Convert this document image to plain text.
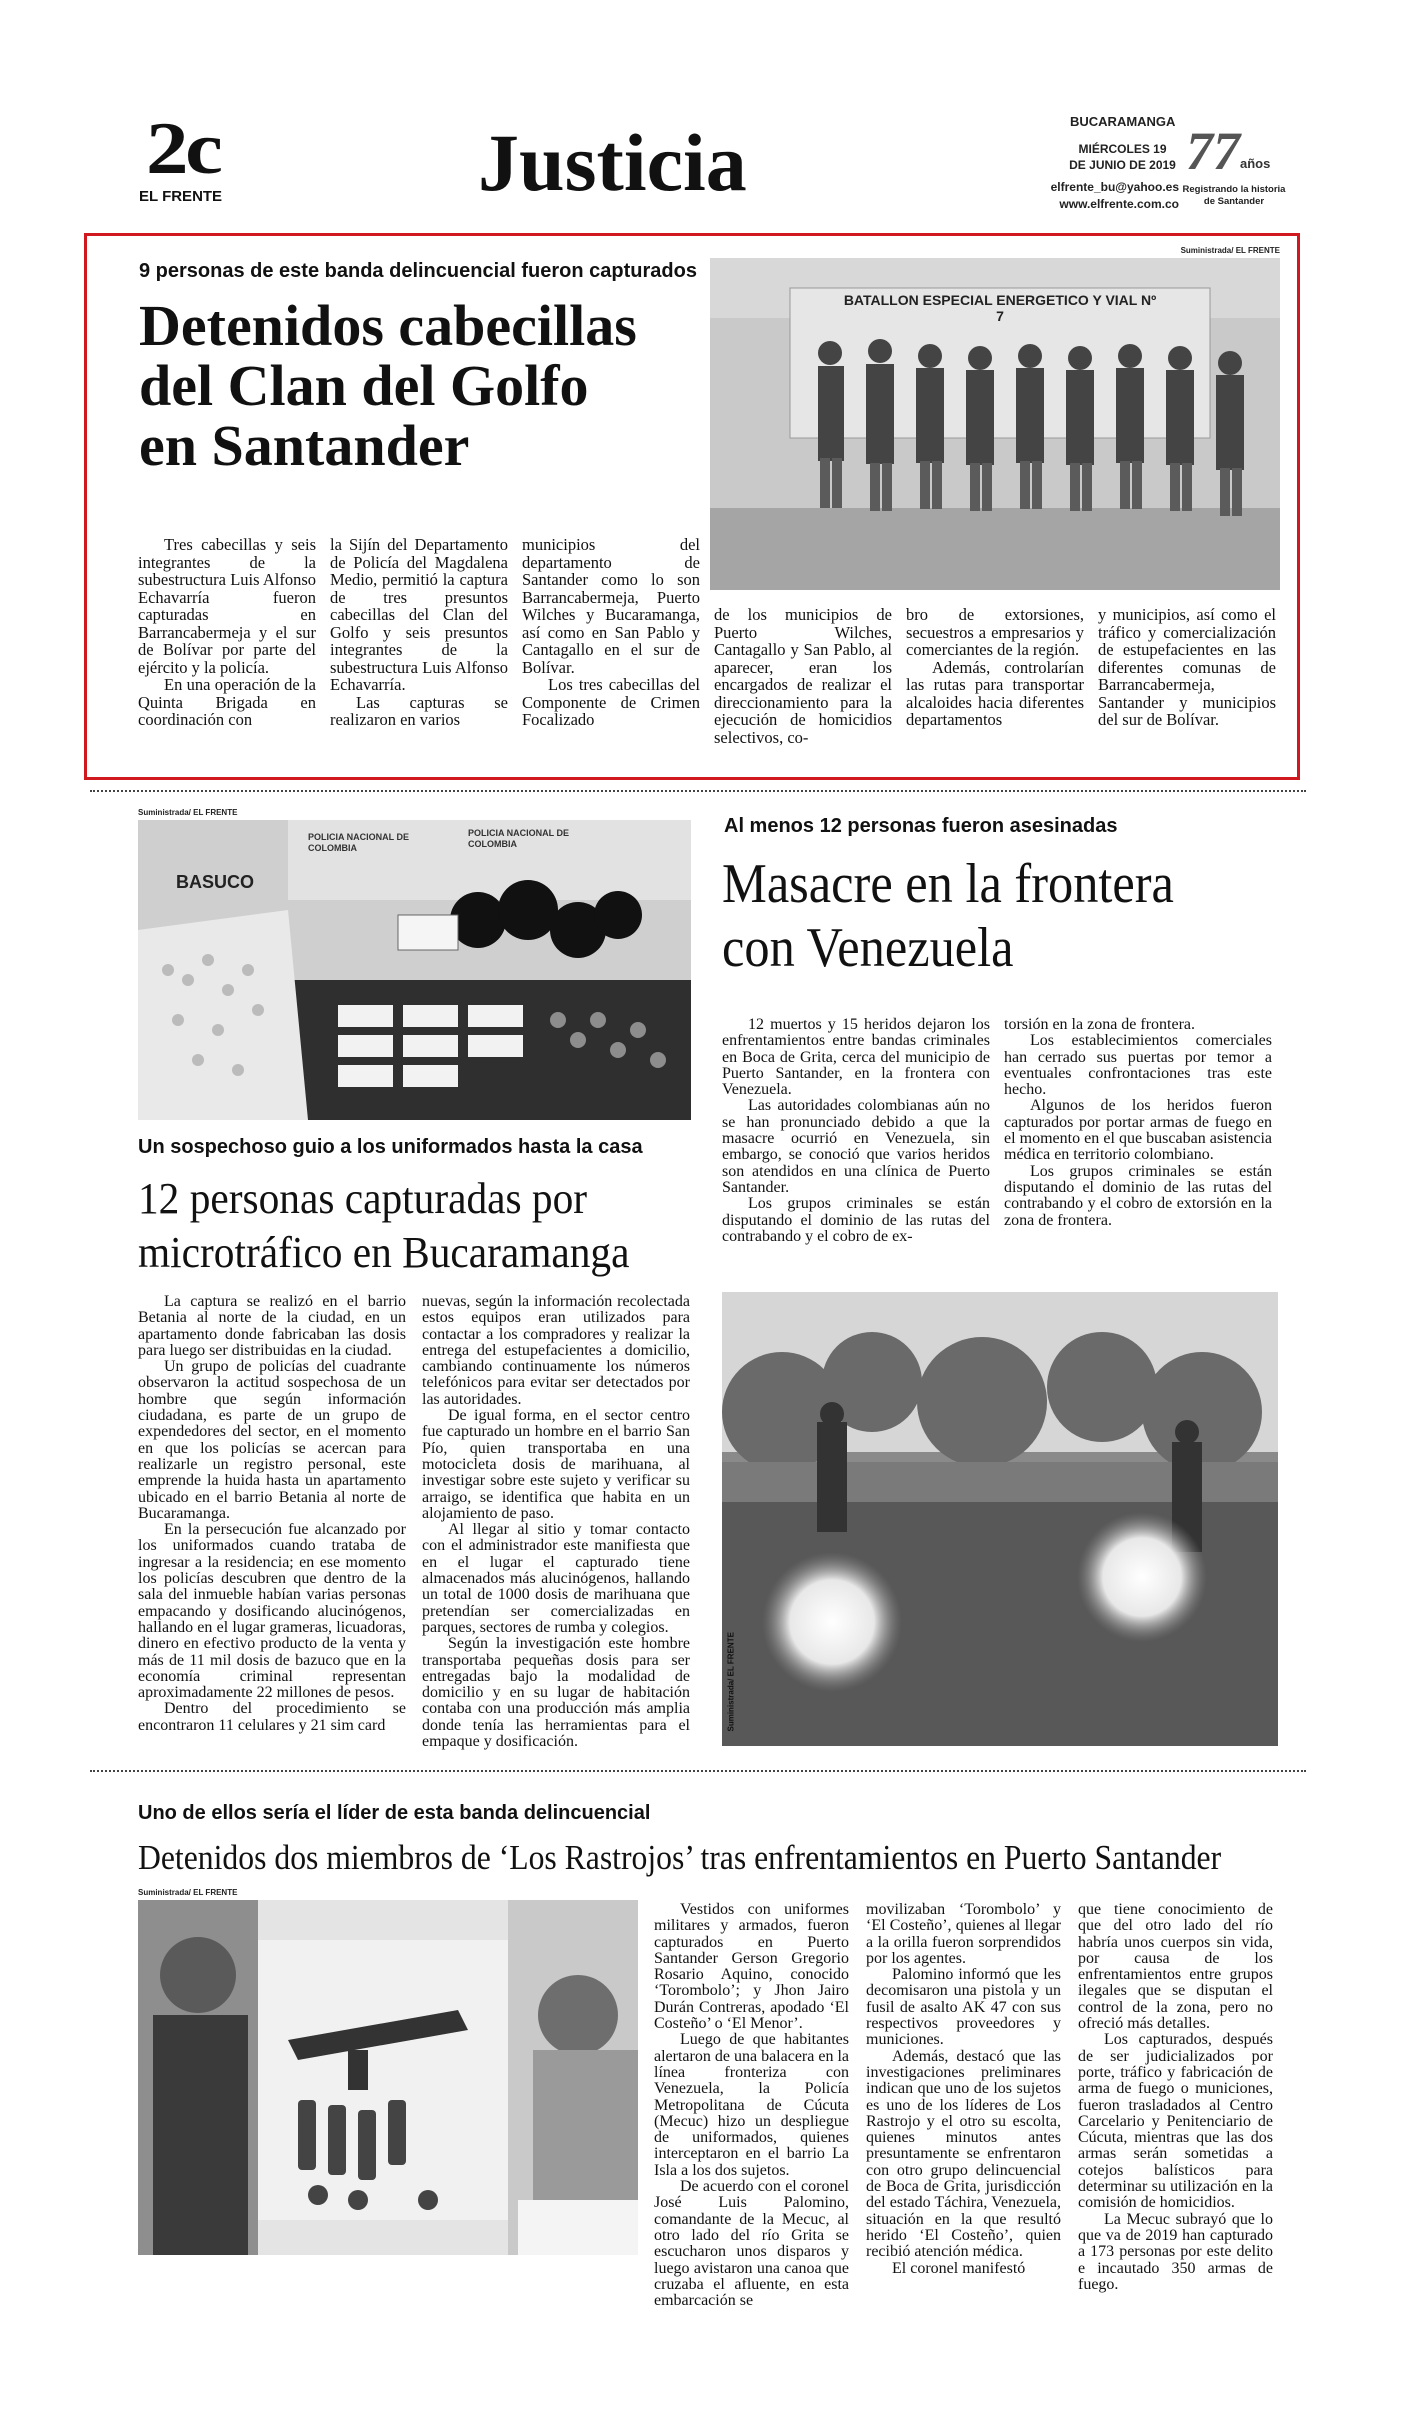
2c
EL FRENTE	Justicia	BUCARAMANGA
MIÉRCOLES 19
DE JUNIO DE 2019
elfrente_bu@yahoo.es
www.elfrente.com.co
77 años
Registrando la historia
de Santander
9 personas de este banda delincuencial fueron capturados
Detenidos cabecillas
del Clan del Golfo
en Santander
Suministrada/ EL FRENTE
BATALLON ESPECIAL ENERGETICO Y VIAL Nº 7

Tres cabecillas y seis integrantes de la subestructura Luis Alfonso Echavarría fueron capturadas en Barrancabermeja y el sur de Bolívar por parte del ejército y la policía.

En una operación de la Quinta Brigada en coordinación con

la Sijín del Departamento de Policía del Magdalena Medio, permitió la captura de tres presuntos cabecillas del Clan del Golfo y seis presuntos integrantes de la subestructura Luis Alfonso Echavarría.

Las capturas se realizaron en varios

municipios del departamento de Santander como lo son Barrancabermeja, Puerto Wilches y Bucaramanga, así como en San Pablo y Cantagallo en el sur de Bolívar.

Los tres cabecillas del Componente de Crimen Focalizado

de los municipios de Puerto Wilches, Cantagallo y San Pablo, al aparecer, eran los encargados de realizar el direccionamiento para la ejecución de homicidios selectivos, co-

bro de extorsiones, secuestros a empresarios y comerciantes de la región.

Además, controlarían las rutas para transportar alcaloides hacia diferentes departamentos

y municipios, así como el tráfico y comercialización de estupefacientes en las diferentes comunas de Barrancabermeja, Santander y municipios del sur de Bolívar.

Suministrada/ EL FRENTE
BASUCO
POLICIA NACIONAL DE COLOMBIA
POLICIA NACIONAL DE COLOMBIA
Un sospechoso guio a los uniformados hasta la casa
12 personas capturadas por
microtráfico en Bucaramanga

La captura se realizó en el barrio Betania al norte de la ciudad, en un apartamento donde fabricaban las dosis para luego ser distribuidas en la ciudad.

Un grupo de policías del cuadrante observaron la actitud sospechosa de un hombre que según información ciudadana, es parte de un grupo de expendedores del sector, en el momento en que los policías se acercan para realizarle un registro personal, este emprende la huida hasta un apartamento ubicado en el barrio Betania al norte de Bucaramanga.

En la persecución fue alcanzado por los uniformados cuando trataba de ingresar a la residencia; en ese momento los policías descubren que dentro de la sala del inmueble habían varias personas empacando y dosificando alucinógenos, hallando en el lugar grameras, licuadoras, dinero en efectivo producto de la venta y más de 11 mil dosis de bazuco que en la economía criminal representan aproximadamente 22 millones de pesos.

Dentro del procedimiento se encontraron 11 celulares y 21 sim card

nuevas, según la información recolectada estos equipos eran utilizados para contactar a los compradores y realizar la entrega del estupefacientes a domicilio, cambiando continuamente los números telefónicos para evitar ser detectados por las autoridades.

De igual forma, en el sector centro fue capturado un hombre en el barrio San Pío, quien transportaba en una motocicleta dosis de marihuana, al investigar sobre este sujeto y verificar su arraigo, se identifica que habita en un alojamiento de paso.

Al llegar al sitio y tomar contacto con el administrador este manifiesta que en el lugar el capturado tiene almacenados más alucinógenos, hallando un total de 1000 dosis de marihuana que pretendían ser comercializadas en parques, sectores de rumba y colegios.

Según la investigación este hombre transportaba pequeñas dosis para ser entregadas bajo la modalidad de domicilio y en su lugar de habitación contaba con una producción más amplia donde tenía las herramientas para el empaque y dosificación.

Al menos 12 personas fueron asesinadas
Masacre en la frontera
con Venezuela

12 muertos y 15 heridos dejaron los enfrentamientos entre bandas criminales en Boca de Grita, cerca del municipio de Puerto Santander, en la frontera con Venezuela.

Las autoridades colombianas aún no se han pronunciado debido a que la masacre ocurrió en Venezuela, sin embargo, se conoció que varios heridos son atendidos en una clínica de Puerto Santander.

Los grupos criminales se están disputando el dominio de las rutas del contrabando y el cobro de ex-

torsión en la zona de frontera.

Los establecimientos comerciales han cerrado sus puertas por temor a eventuales confrontaciones tras este hecho.

Algunos de los heridos fueron capturados por portar armas de fuego en el momento en el que buscaban asistencia médica en territorio colombiano.

Los grupos criminales se están disputando el dominio de las rutas del contrabando y el cobro de extorsión en la zona de frontera.

Suministrada/ EL FRENTE
Uno de ellos sería el líder de esta banda delincuencial
Detenidos dos miembros de ‘Los Rastrojos’ tras enfrentamientos en Puerto Santander
Suministrada/ EL FRENTE

Vestidos con uniformes militares y armados, fueron capturados en Puerto Santander Gerson Gregorio Rosario Aquino, conocido ‘Torombolo’; y Jhon Jairo Durán Contreras, apodado ‘El Costeño’ o ‘El Menor’.

Luego de que habitantes alertaron de una balacera en la línea fronteriza con Venezuela, la Policía Metropolitana de Cúcuta (Mecuc) hizo un despliegue de uniformados, quienes interceptaron en el barrio La Isla a los dos sujetos.

De acuerdo con el coronel José Luis Palomino, comandante de la Mecuc, al otro lado del río Grita se escucharon unos disparos y luego avistaron una canoa que cruzaba el afluente, en esta embarcación se

movilizaban ‘Torombolo’ y ‘El Costeño’, quienes al llegar a la orilla fueron sorprendidos por los agentes.

Palomino informó que les decomisaron una pistola y un fusil de asalto AK 47 con sus respectivos proveedores y municiones.

Además, destacó que las investigaciones preliminares indican que uno de los sujetos es uno de los líderes de Los Rastrojo y el otro su escolta, quienes minutos antes presuntamente se enfrentaron con otro grupo delincuencial de Boca de Grita, jurisdicción del estado Táchira, Venezuela, situación en la que resultó herido ‘El Costeño’, quien recibió atención médica.

El coronel manifestó

que tiene conocimiento de que del otro lado del río habría unos cuerpos sin vida, por causa de los enfrentamientos entre grupos ilegales que se disputan el control de la zona, pero no ofreció más detalles.

Los capturados, después de ser judicializados por porte, tráfico y fabricación de arma de fuego o municiones, fueron trasladados al Centro Carcelario y Penitenciario de Cúcuta, mientras que las dos armas serán sometidas a cotejos balísticos para determinar su utilización en la comisión de homicidios.

La Mecuc subrayó que lo que va de 2019 han capturado a 173 personas por este delito e incautado 350 armas de fuego.
